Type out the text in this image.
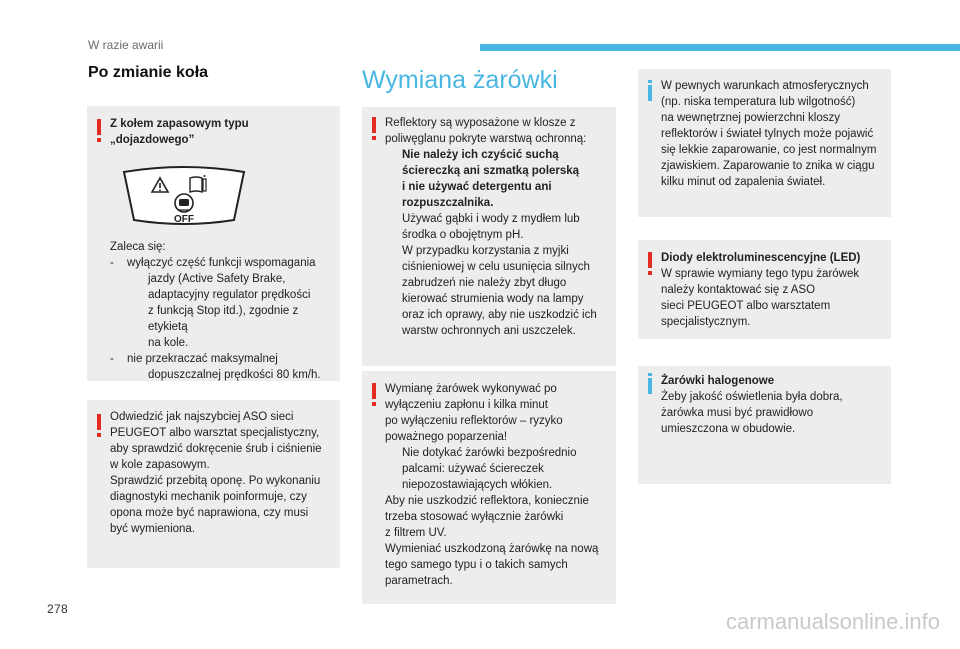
W razie awarii
Po zmianie koła

Z kołem zapasowym typu

„dojazdowego”

OFF

Zaleca się:

- wyłączyć część funkcji wspomagania

jazdy (Active Safety Brake,

adaptacyjny regulator prędkości

z funkcją Stop itd.), zgodnie z etykietą

na kole.

- nie przekraczać maksymalnej

dopuszczalnej prędkości 80 km/h.

Odwiedzić jak najszybciej ASO sieci

PEUGEOT albo warsztat specjalistyczny,

aby sprawdzić dokręcenie śrub i ciśnienie

w kole zapasowym.

Sprawdzić przebitą oponę. Po wykonaniu

diagnostyki mechanik poinformuje, czy

opona może być naprawiona, czy musi

być wymieniona.

Wymiana żarówki

Reflektory są wyposażone w klosze z

poliwęglanu pokryte warstwą ochronną:

Nie należy ich czyścić suchą

ściereczką ani szmatką polerską

i nie używać detergentu ani

rozpuszczalnika.

Używać gąbki i wody z mydłem lub

środka o obojętnym pH.

W przypadku korzystania z myjki

ciśnieniowej w celu usunięcia silnych

zabrudzeń nie należy zbyt długo

kierować strumienia wody na lampy

oraz ich oprawy, aby nie uszkodzić ich

warstw ochronnych ani uszczelek.

Wymianę żarówek wykonywać po

wyłączeniu zapłonu i kilka minut

po wyłączeniu reflektorów – ryzyko

poważnego poparzenia!

Nie dotykać żarówki bezpośrednio

palcami: używać ściereczek

niepozostawiających włókien.

Aby nie uszkodzić reflektora, koniecznie

trzeba stosować wyłącznie żarówki

z filtrem UV.

Wymieniać uszkodzoną żarówkę na nową

tego samego typu i o takich samych

parametrach.

W pewnych warunkach atmosferycznych

(np. niska temperatura lub wilgotność)

na wewnętrznej powierzchni kloszy

reflektorów i świateł tylnych może pojawić

się lekkie zaparowanie, co jest normalnym

zjawiskiem. Zaparowanie to znika w ciągu

kilku minut od zapalenia świateł.

Diody elektroluminescencyjne (LED)

W sprawie wymiany tego typu żarówek

należy kontaktować się z ASO

sieci PEUGEOT albo warsztatem

specjalistycznym.

Żarówki halogenowe

Żeby jakość oświetlenia była dobra,

żarówka musi być prawidłowo

umieszczona w obudowie.

278	carmanualsonline.info
